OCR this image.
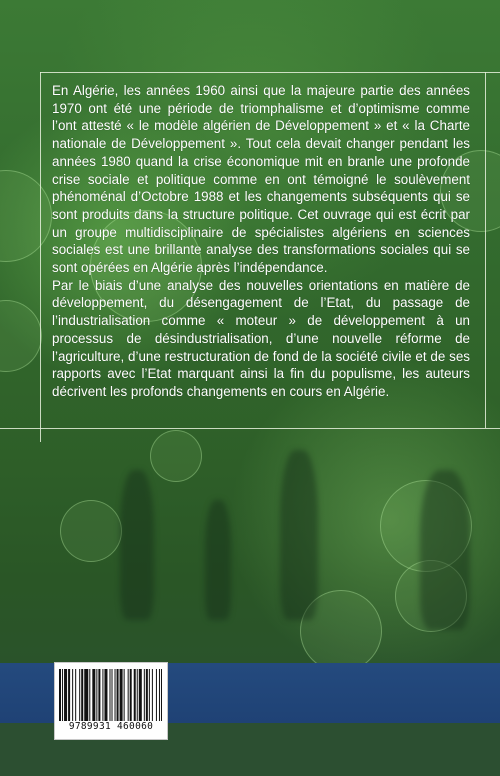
En Algérie, les années 1960 ainsi que la majeure partie des années 1970 ont été une période de triomphalisme et d’optimisme comme l’ont attesté « le modèle algérien de Développement » et « la Charte nationale de Développement ». Tout cela devait changer pendant les années 1980 quand la crise économique mit en branle une profonde crise sociale et politique comme en ont témoigné le soulèvement phénoménal d’Octobre 1988 et les changements subséquents qui se sont produits dans la structure politique. Cet ouvrage qui est écrit par un groupe multidisciplinaire de spécialistes algériens en sciences sociales est une brillante analyse des transformations sociales qui se sont opérées en Algérie après l’indépendance.

Par le biais d’une analyse des nouvelles orientations en matière de développement, du désengagement de l’Etat, du passage de l’industrialisation comme « moteur » de développement à un processus de désindustrialisation, d’une nouvelle réforme de l’agriculture, d’une restructuration de fond de la société civile et de ses rapports avec l’Etat marquant ainsi la fin du populisme, les auteurs décrivent les profonds changements en cours en Algérie.

9789931 460060
